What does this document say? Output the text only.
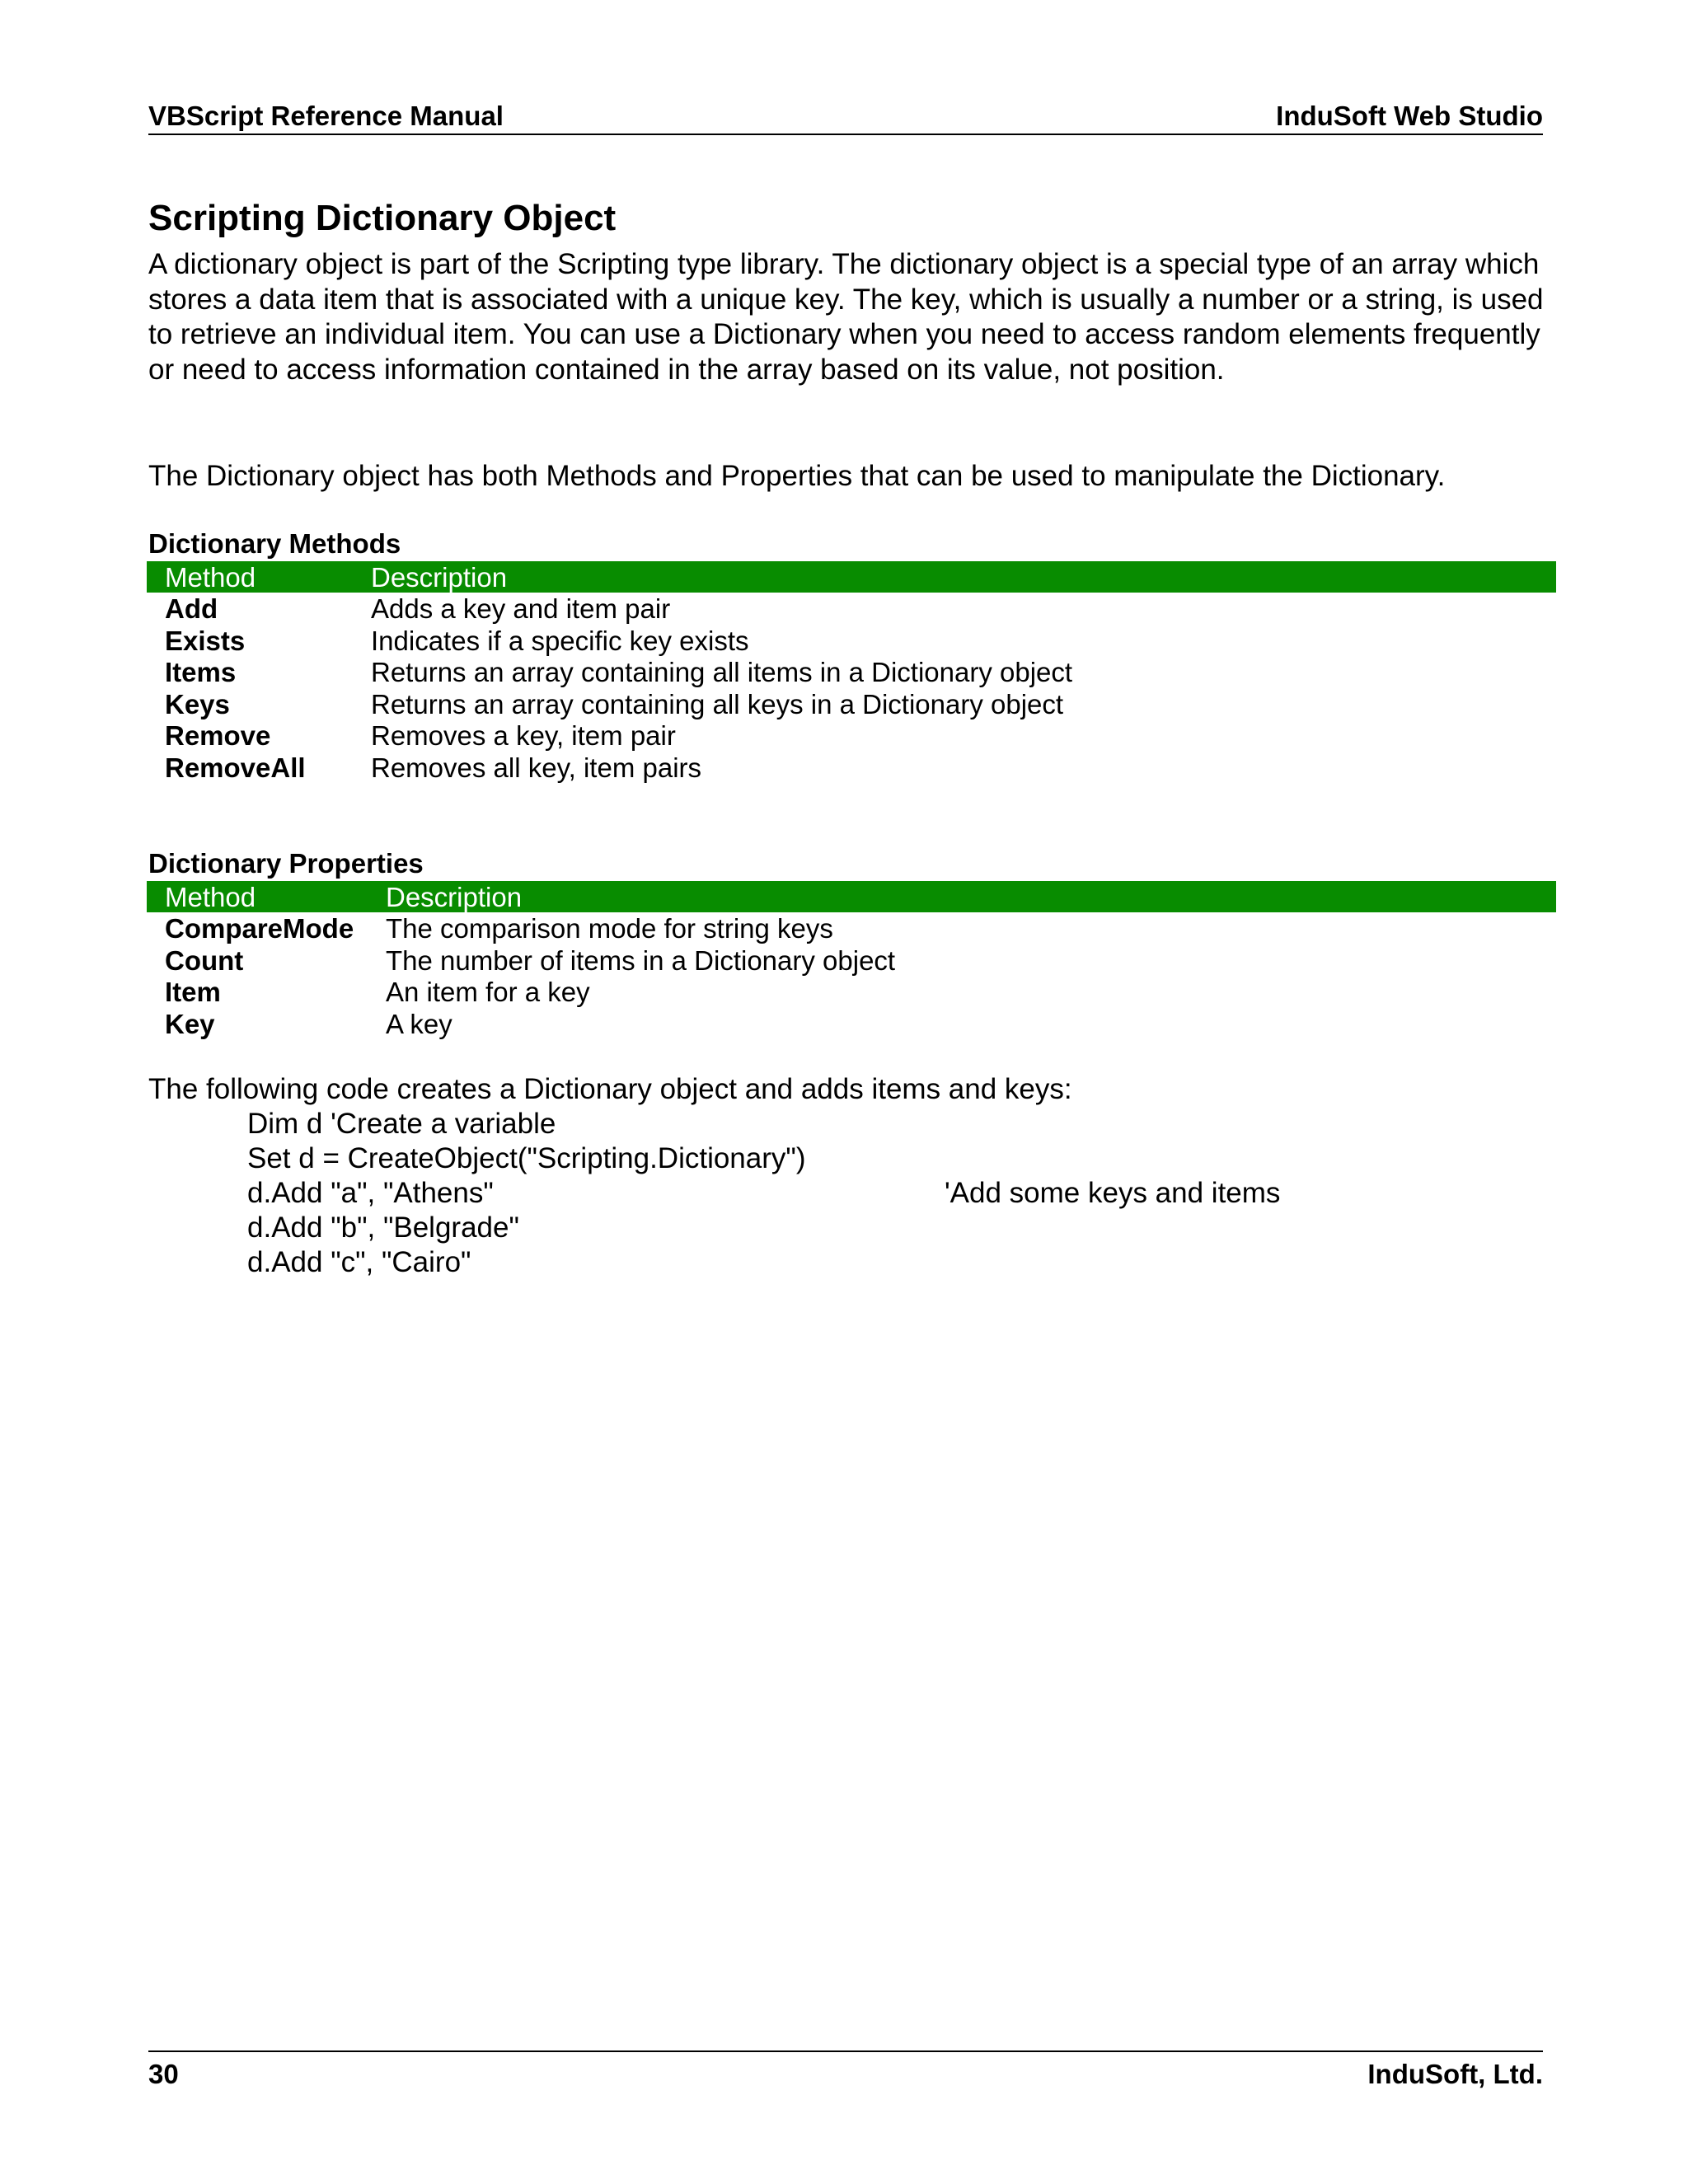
VBScript Reference Manual	InduSoft Web Studio
Scripting Dictionary Object

A dictionary object is part of the Scripting type library. The dictionary object is a special type of an array which stores a data item that is associated with a unique key. The key, which is usually a number or a string, is used to retrieve an individual item. You can use a Dictionary when you need to access random elements frequently or need to access information contained in the array based on its value, not position.

The Dictionary object has both Methods and Properties that can be used to manipulate the Dictionary.

Dictionary Methods
Method	Description
Add	Adds a key and item pair
Exists	Indicates if a specific key exists
Items	Returns an array containing all items in a Dictionary object
Keys	Returns an array containing all keys in a Dictionary object
Remove	Removes a key, item pair
RemoveAll Removes all key, item pairs
Dictionary Properties
Method	Description
CompareMode The comparison mode for string keys
Count	The number of items in a Dictionary object
Item	An item for a key
Key	A key

The following code creates a Dictionary object and adds items and keys:

Dim d 'Create a variable

Set d = CreateObject("Scripting.Dictionary")

d.Add "a", "Athens"	'Add some keys and items

d.Add "b", "Belgrade"

d.Add "c", "Cairo"

30	InduSoft, Ltd.
